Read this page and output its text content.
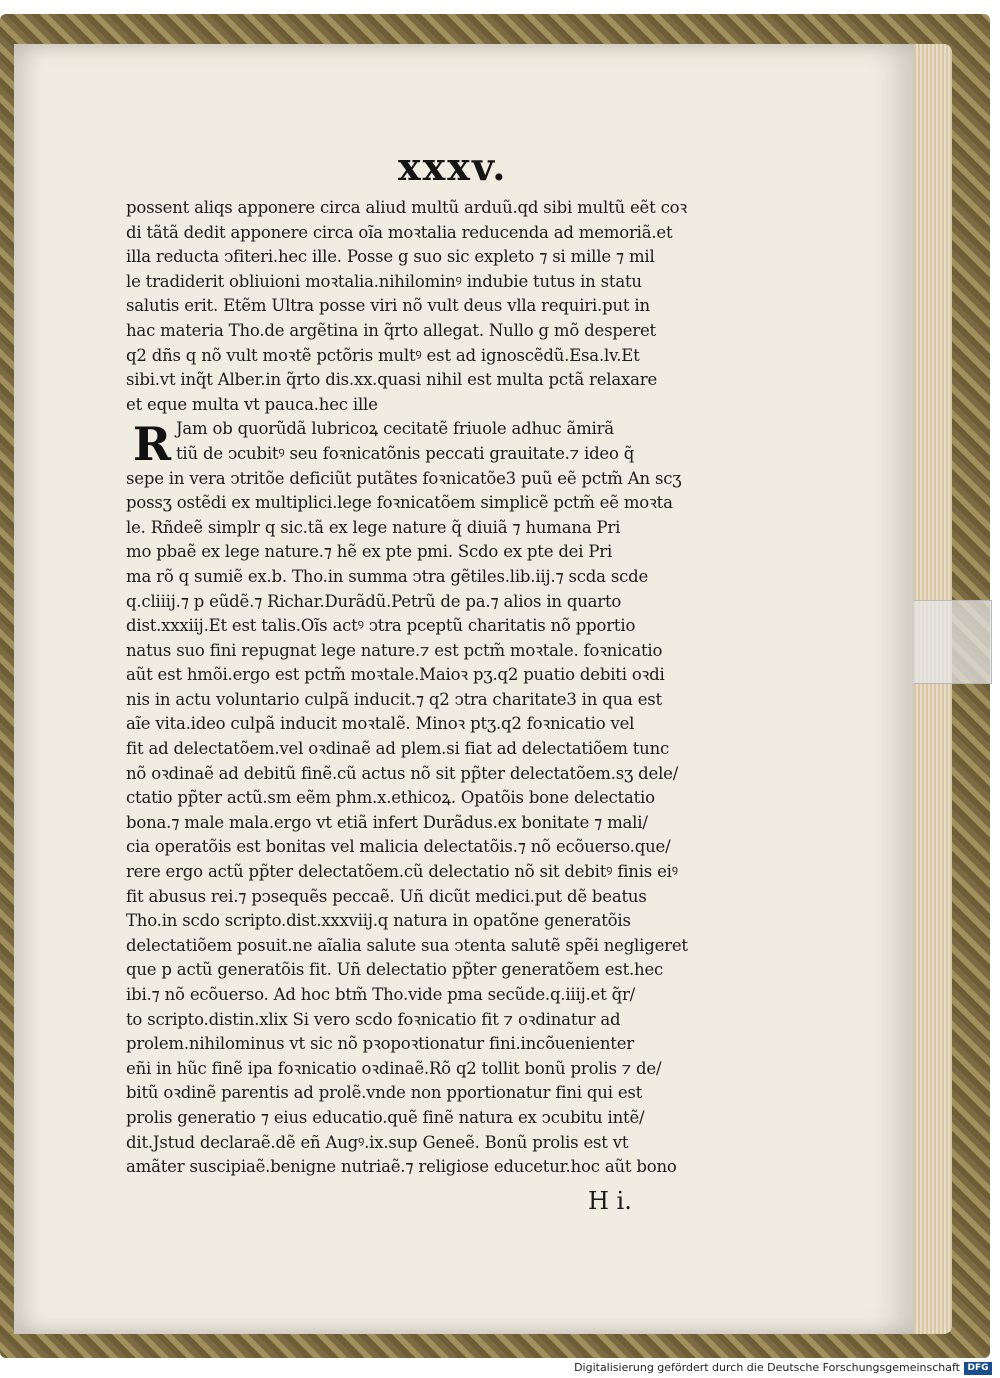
xxxv.
R
possent aliqs apponere circa aliud multũ arduũ.qd sibi multũ eẽt coꝛ
di tãtã dedit apponere circa oĩa moꝛtalia reducenda ad memoriã.et
illa reducta ↄfiteri.hec ille. Posse g suo sic expleto ⁊ si mille ⁊ mil
le tradiderit obliuioni moꝛtalia.nihilominꝰ indubie tutus in statu
salutis erit. Etẽm Ultra posse viri nõ vult deus vlla requiri.put in
hac materia Tho.de argẽtina in q̃rto allegat. Nullo g mõ desperet
q2 dñs q nõ vult moꝛtẽ pctõris multꝰ est ad ignoscẽdũ.Esa.lv.Et
sibi.vt inq̃t Alber.in q̃rto dis.xx.quasi nihil est multa pctã relaxare
et eque multa vt pauca.hec ille
Jam ob quorũdã lubricoꝝ cecitatẽ friuole adhuc ãmirã
tiũ de ↄcubitꝰ seu foꝛnicatõnis peccati grauitate.⁊ ideo q̃
sepe in vera ↄtritõe deficiũt putãtes foꝛnicatõe3 puũ eẽ pctm̃ An scʒ
possʒ ostẽdi ex multiplici.lege foꝛnicatõem simplicẽ pctm̃ eẽ moꝛta
le. Rñdeẽ simplr q sic.tã ex lege nature q̃ diuiã ⁊ humana Pri
mo pbaẽ ex lege nature.⁊ hẽ ex pte pmi. Scdo ex pte dei Pri
ma rõ q sumiẽ ex.b. Tho.in summa ↄtra gẽtiles.lib.iij.⁊ scda scde
q.cliiij.⁊ p eũdẽ.⁊ Richar.Durãdũ.Petrũ de pa.⁊ alios in quarto
dist.xxxiij.Et est talis.Oĩs actꝰ ↄtra pceptũ charitatis nõ pportio
natus suo fini repugnat lege nature.⁊ est pctm̃ moꝛtale. foꝛnicatio
aũt est hmõi.ergo est pctm̃ moꝛtale.Maioꝛ pʒ.q2 puatio debiti oꝛdi
nis in actu voluntario culpã inducit.⁊ q2 ↄtra charitate3 in qua est
aĩe vita.ideo culpã inducit moꝛtalẽ. Minoꝛ ptʒ.q2 foꝛnicatio vel
fit ad delectatõem.vel oꝛdinaẽ ad plem.si fiat ad delectatiõem tunc
nõ oꝛdinaẽ ad debitũ finẽ.cũ actus nõ sit pp̃ter delectatõem.sʒ dele/
ctatio pp̃ter actũ.sm eẽm phm.x.ethicoꝝ. Opatõis bone delectatio
bona.⁊ male mala.ergo vt etiã infert Durãdus.ex bonitate ⁊ mali/
cia operatõis est bonitas vel malicia delectatõis.⁊ nõ ecõuerso.que/
rere ergo actũ pp̃ter delectatõem.cũ delectatio nõ sit debitꝰ finis eiꝰ
fit abusus rei.⁊ pↄsequẽs peccaẽ. Uñ dicũt medici.put dẽ beatus
Tho.in scdo scripto.dist.xxxviij.q natura in opatõne generatõis
delectatiõem posuit.ne aĩalia salute sua ↄtenta salutẽ spẽi negligeret
que p actũ generatõis fit. Uñ delectatio pp̃ter generatõem est.hec
ibi.⁊ nõ ecõuerso. Ad hoc btm̃ Tho.vide pma secũde.q.iiij.et q̃r/
to scripto.distin.xlix Si vero scdo foꝛnicatio fit ⁊ oꝛdinatur ad
prolem.nihilominus vt sic nõ pꝛopoꝛtionatur fini.incõuenienter
eñi in hũc finẽ ipa foꝛnicatio oꝛdinaẽ.Rõ q2 tollit bonũ prolis ⁊ de/
bitũ oꝛdinẽ parentis ad prolẽ.vnde non pportionatur fini qui est
prolis generatio ⁊ eius educatio.quẽ finẽ natura ex ↄcubitu intẽ/
dit.Jstud declaraẽ.dẽ eñ Augꝰ.ix.sup Geneẽ. Bonũ prolis est vt
amãter suscipiaẽ.benigne nutriaẽ.⁊ religiose educetur.hoc aũt bono
H i.
Digitalisierung gefördert durch die Deutsche Forschungsgemeinschaft DFG
